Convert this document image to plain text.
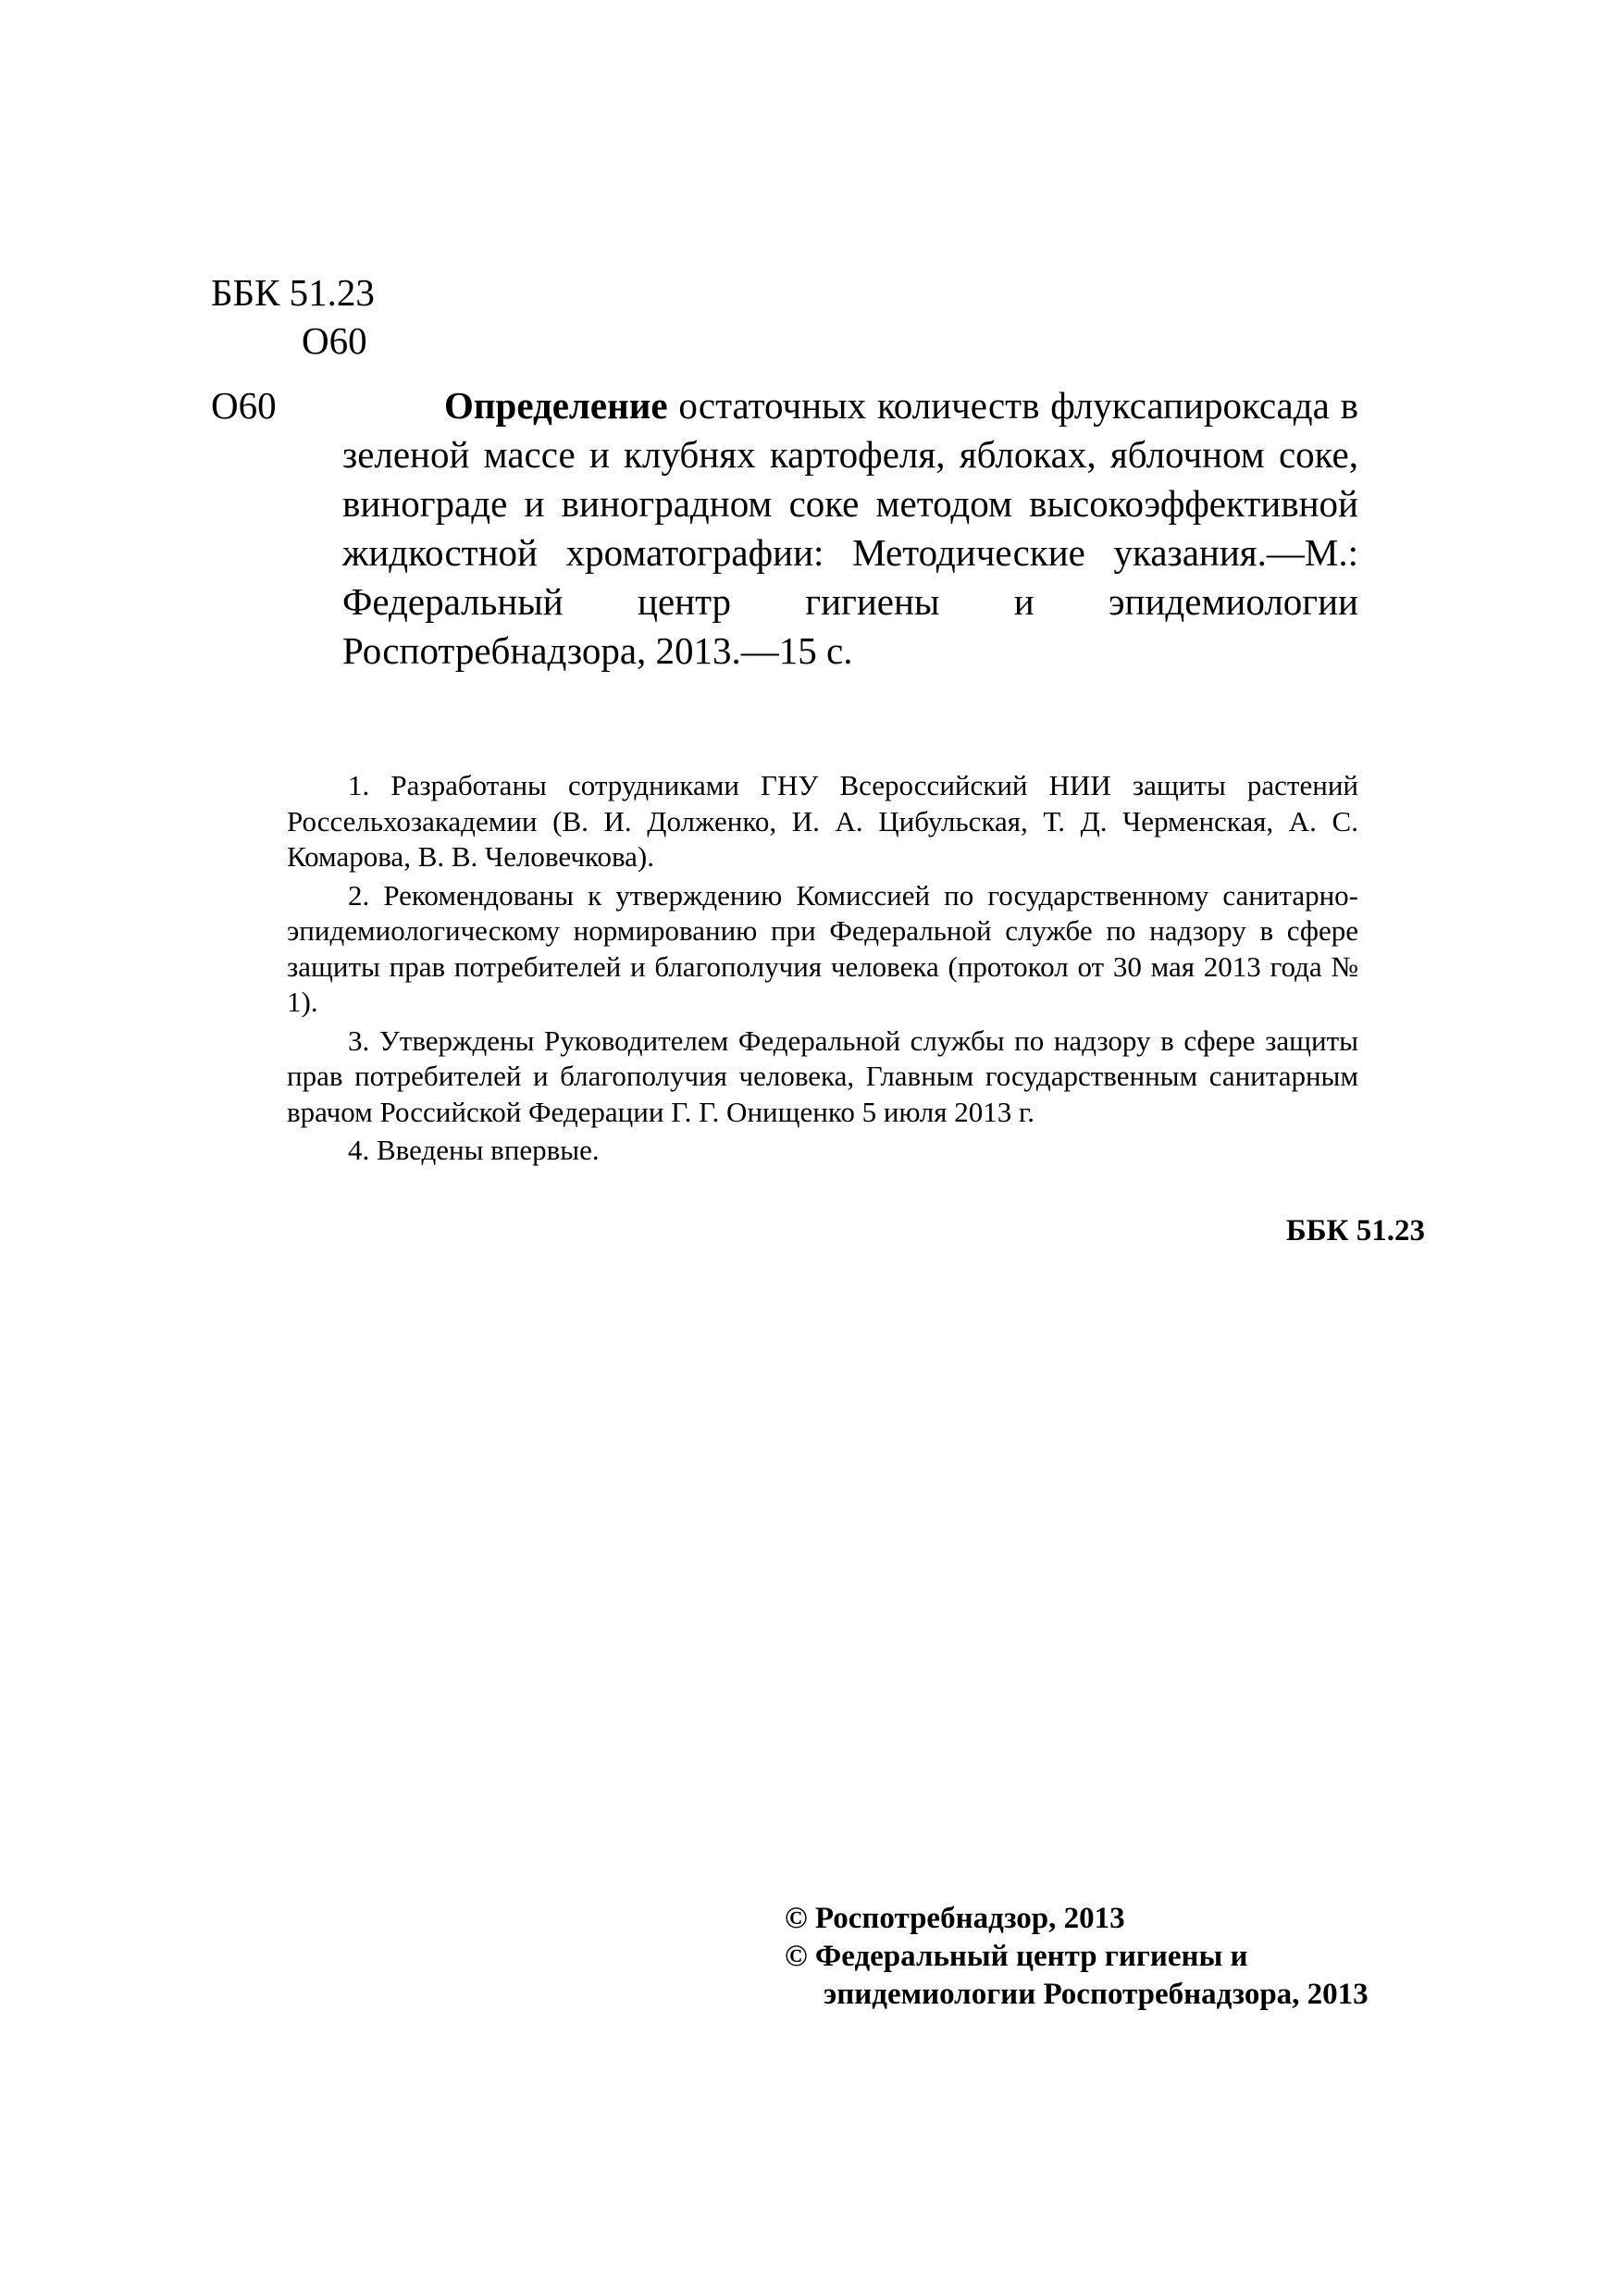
ББК 51.23
О60
О60	Определение остаточных количеств флуксапироксада в зеленой массе и клубнях картофеля, яблоках, яблочном соке, винограде и виноградном соке методом высокоэффективной жидкостной хроматографии: Методические указания.—М.: Федеральный центр гигиены и эпидемиологии Роспотребнадзора, 2013.—15 с.

1. Разработаны сотрудниками ГНУ Всероссийский НИИ защиты растений Россельхозакадемии (В. И. Долженко, И. А. Цибульская, Т. Д. Черменская, А. С. Комарова, В. В. Человечкова).

2. Рекомендованы к утверждению Комиссией по государственному санитарно-эпидемиологическому нормированию при Федеральной службе по надзору в сфере защиты прав потребителей и благополучия человека (протокол от 30 мая 2013 года № 1).

3. Утверждены Руководителем Федеральной службы по надзору в сфере защиты прав потребителей и благополучия человека, Главным государственным санитарным врачом Российской Федерации Г. Г. Онищенко 5 июля 2013 г.

4. Введены впервые.

ББК 51.23
© Роспотребнадзор, 2013
© Федеральный центр гигиены и
эпидемиологии Роспотребнадзора, 2013
